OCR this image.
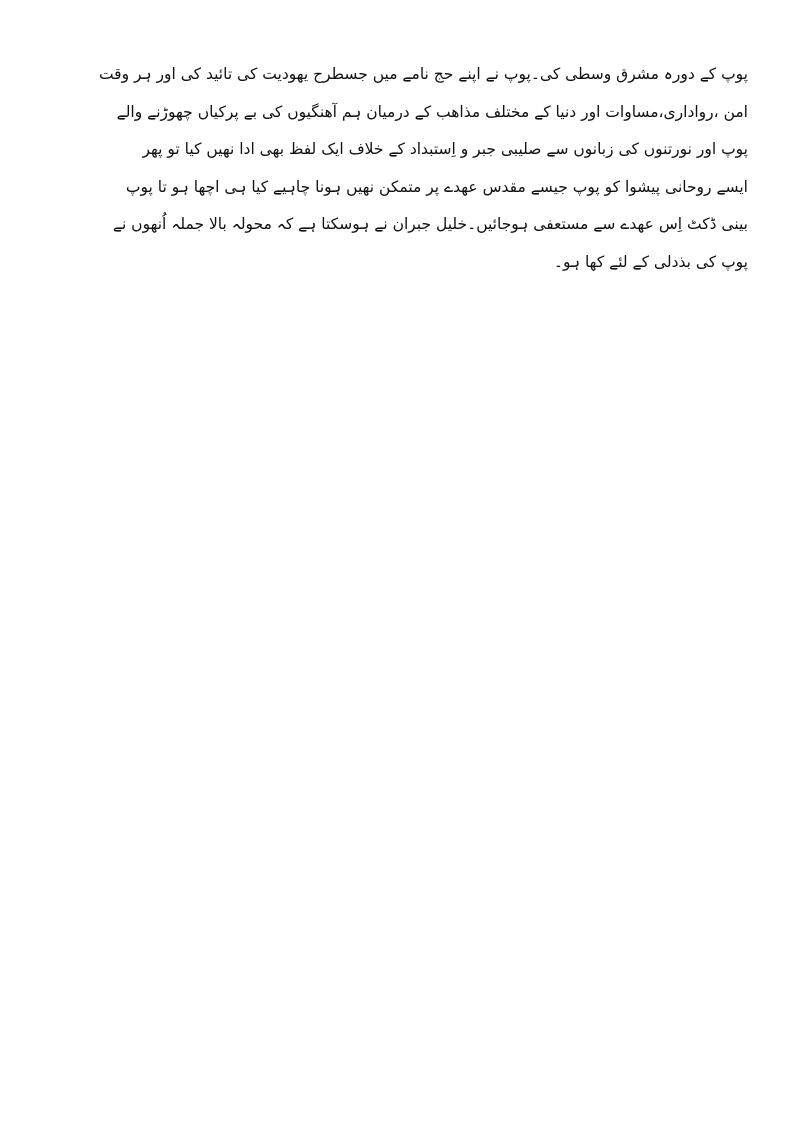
پوپ کے دورہ مشرق وسطی کی۔پوپ نے اپنے حج نامے میں جسطرح یھودیت کی تائید کی اور ہر وقت
امن ،رواداری،مساوات اور دنیا کے مختلف مذاھب کے درمیان ہم آھنگیوں کی بے پرکیاں چھوڑنے والے
پوپ اور نورتنوں کی زبانوں سے صلیبی جبر و اِستبداد کے خلاف ایک لفظ بھی ادا نھیں کیا تو پھر
ایسے روحانی پیشوا کو پوپ جیسے مقدس عھدے پر متمکن نھیں ہونا چاہیے کیا ہی اچھا ہو تا پوپ
بینی ڈکٹ اِس عھدے سے مستعفی ہوجائیں۔خلیل جبران نے ہوسکتا ہے کہ محولہ بالا جملہ اُنھوں نے
پوپ کی بذدلی کے لئے کھا ہو۔
